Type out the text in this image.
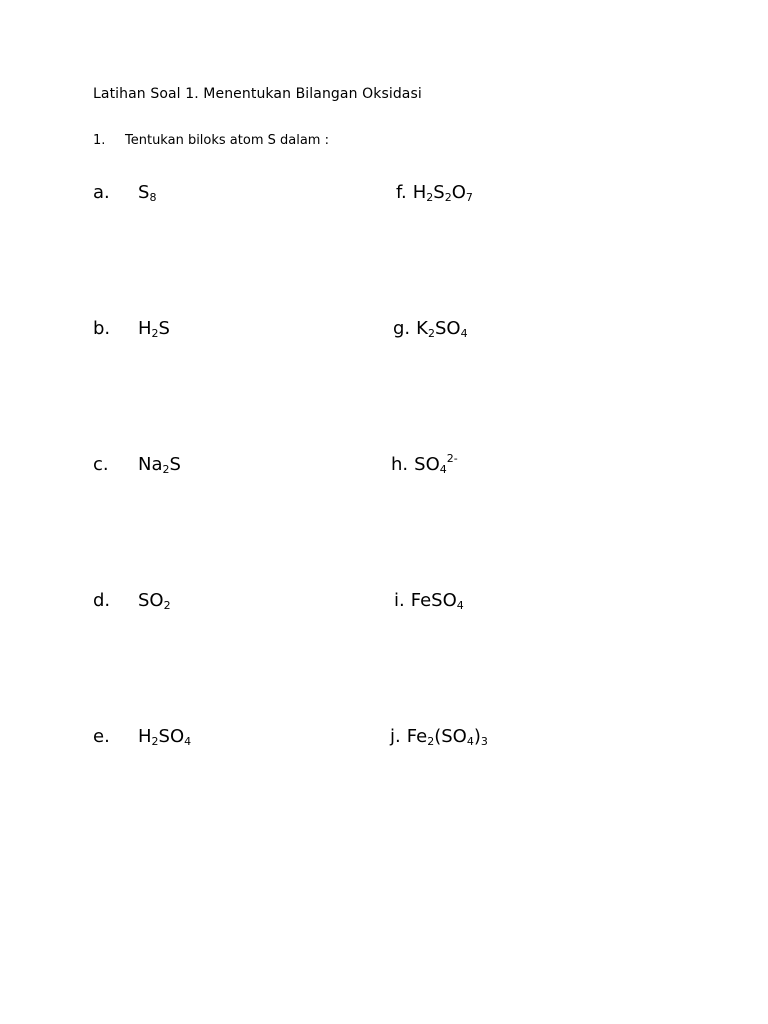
Latihan Soal 1. Menentukan Bilangan Oksidasi
1. Tentukan biloks atom S dalam :
a. $S_8$	f. $H_2S_2O_7$
b. $H_2S$	g. $K_2SO_4$
c. $Na_2S$	h. $SO_4^{2-}$
d. $SO_2$	i. FeSO$_4$
e. $H_2SO_4$	j. $Fe_2(SO_4)_3$
